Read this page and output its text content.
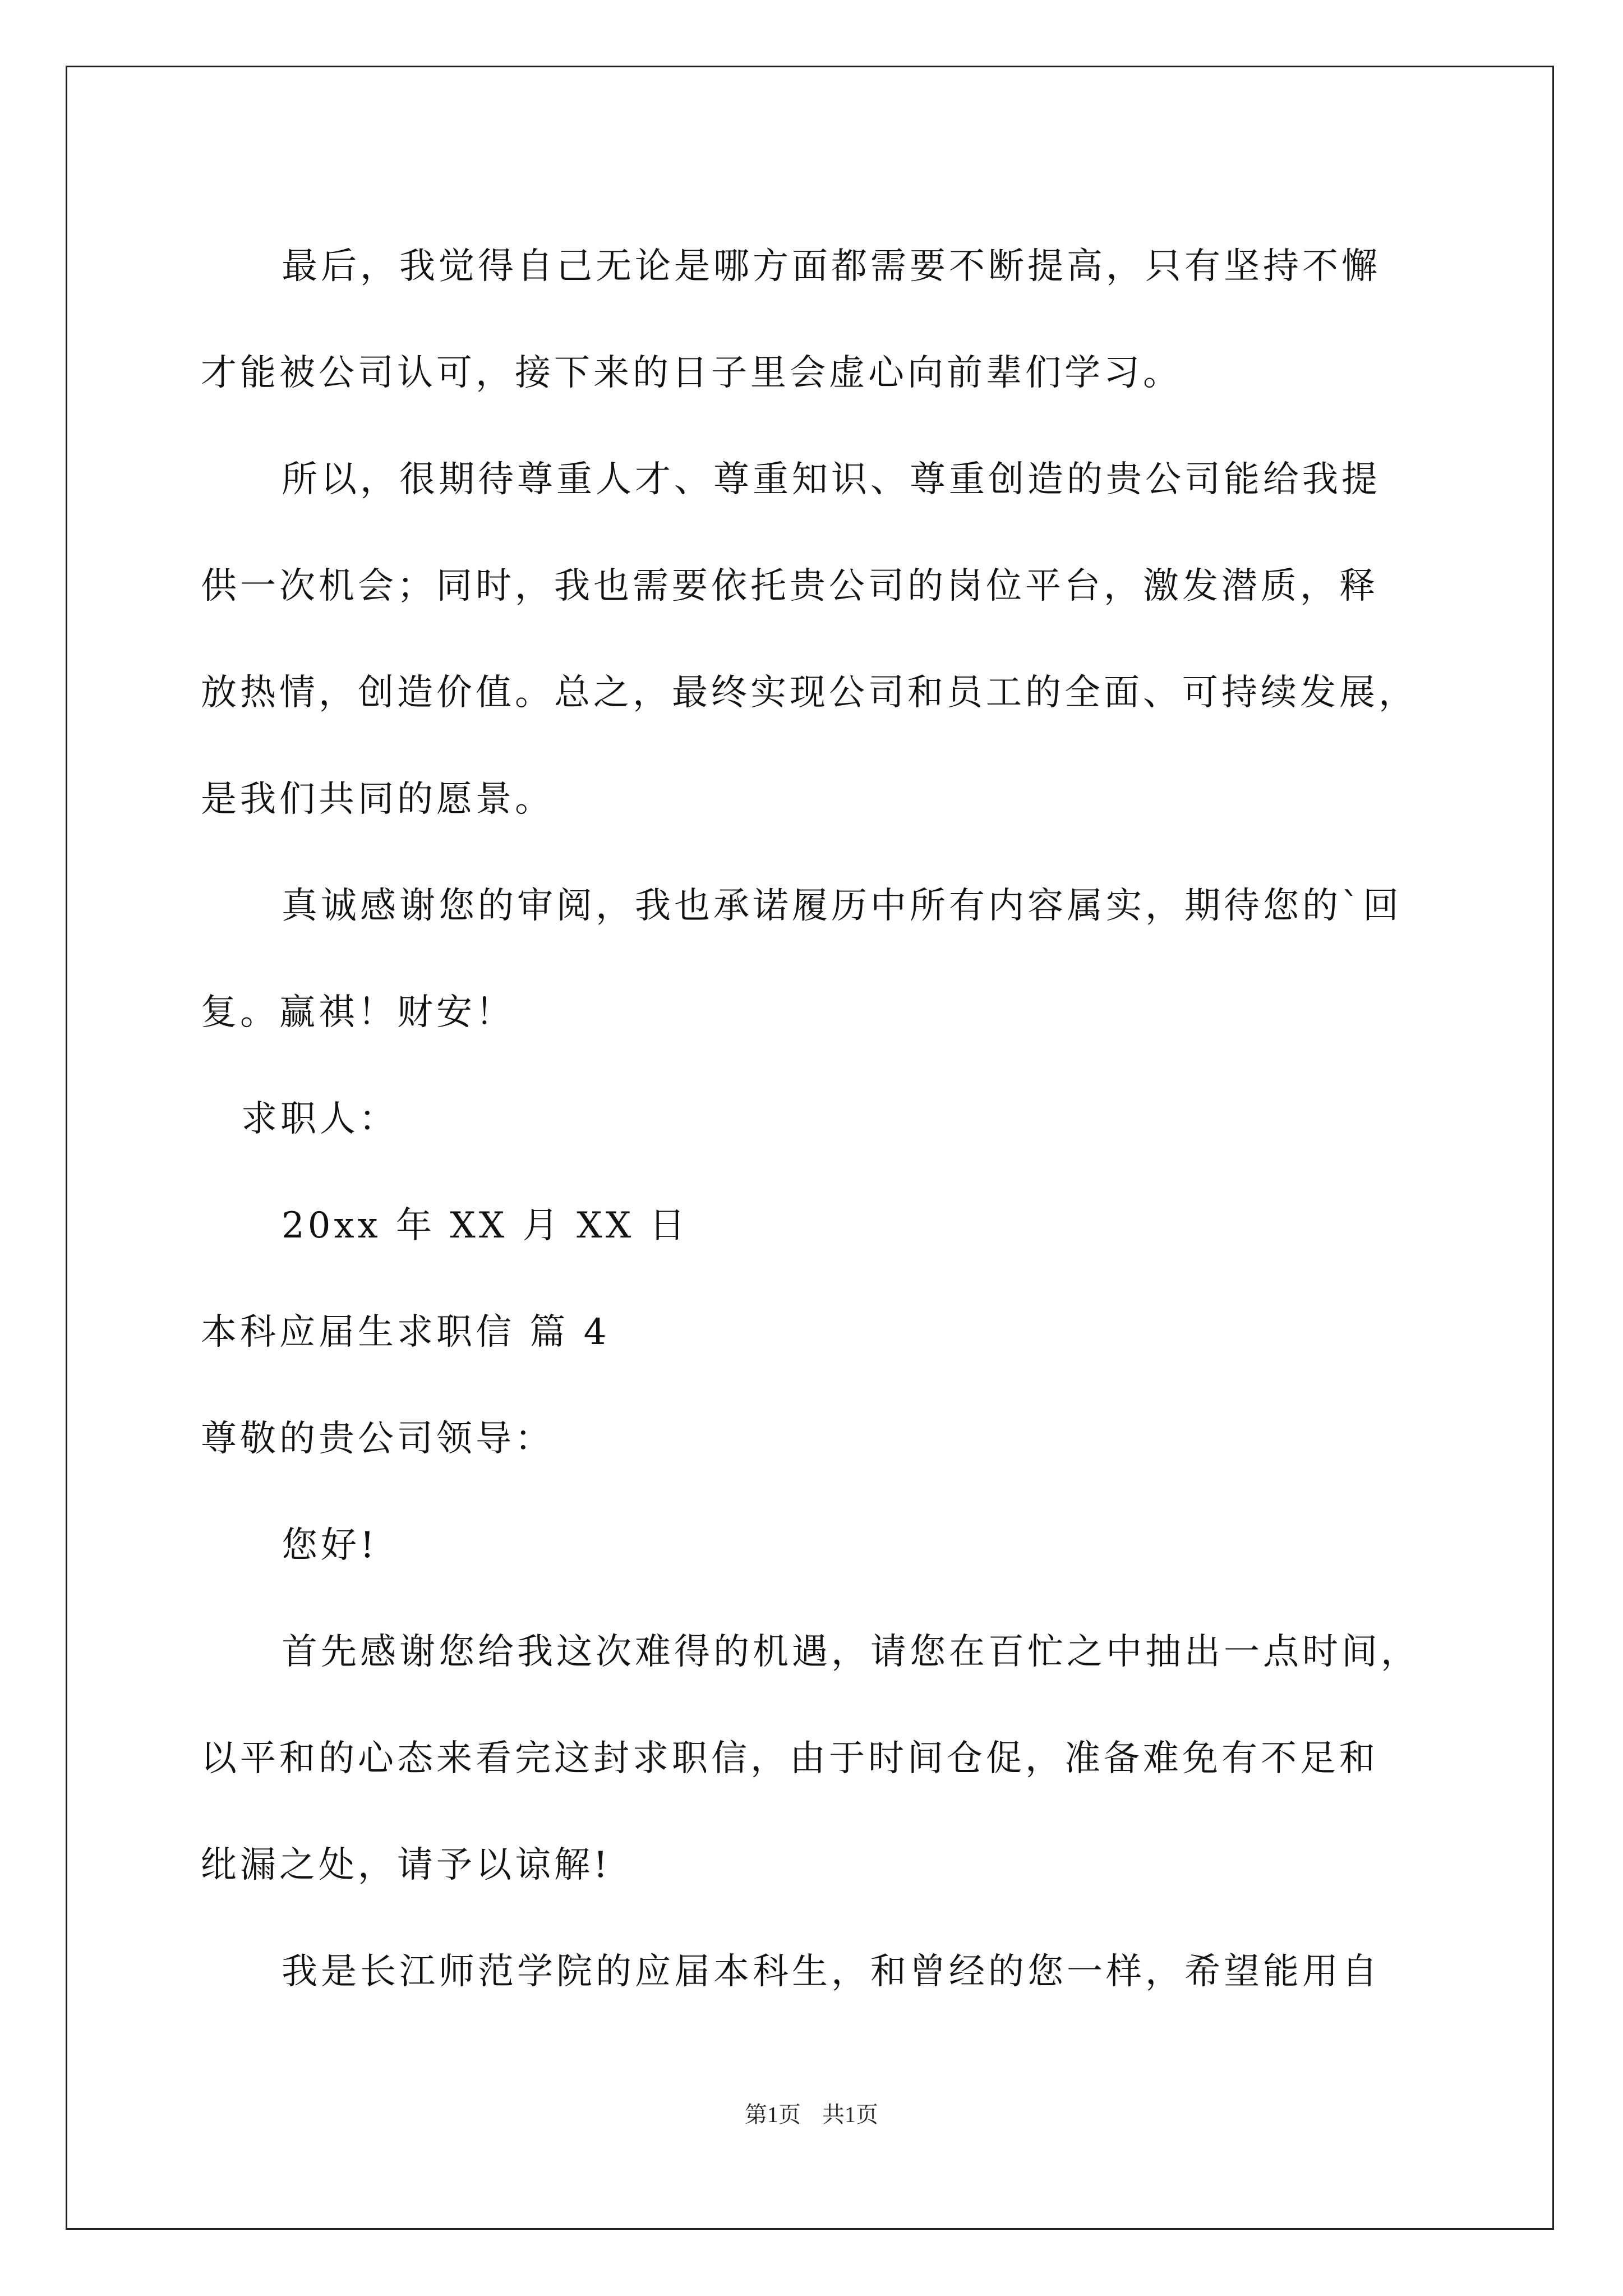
最后，我觉得自己无论是哪方面都需要不断提高，只有坚持不懈
才能被公司认可，接下来的日子里会虚心向前辈们学习。
所以，很期待尊重人才、尊重知识、尊重创造的贵公司能给我提
供一次机会；同时，我也需要依托贵公司的岗位平台，激发潜质，释
放热情，创造价值。总之，最终实现公司和员工的全面、可持续发展，
是我们共同的愿景。
真诚感谢您的审阅，我也承诺履历中所有内容属实，期待您的`回
复。赢祺！财安！
求职人：
20xx 年 XX 月 XX 日
本科应届生求职信 篇 4
尊敬的贵公司领导：
您好!
首先感谢您给我这次难得的机遇，请您在百忙之中抽出一点时间，
以平和的心态来看完这封求职信，由于时间仓促，准备难免有不足和
纰漏之处，请予以谅解!
我是长江师范学院的应届本科生，和曾经的您一样，希望能用自
第1页 共1页
